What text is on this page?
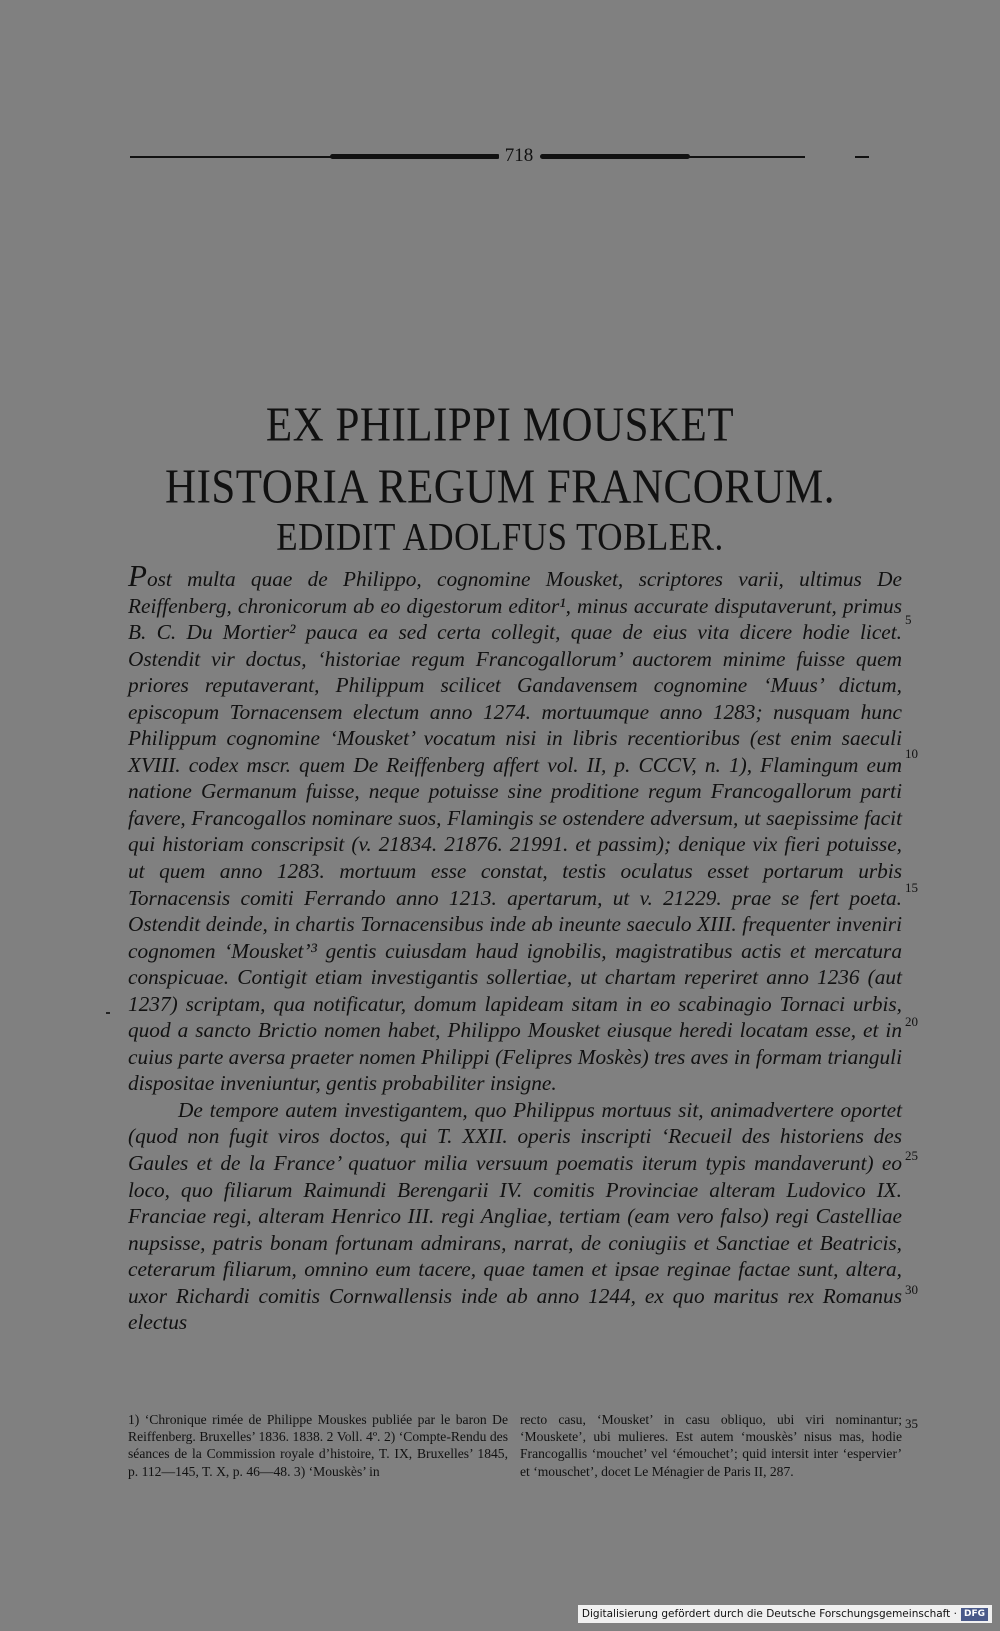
718
EX PHILIPPI MOUSKET
HISTORIA REGUM FRANCORUM.
EDIDIT ADOLFUS TOBLER.

Post multa quae de Philippo, cognomine Mousket, scriptores varii, ultimus De Reiffenberg, chronicorum ab eo digestorum editor¹, minus accurate disputaverunt, primus B. C. Du Mortier² pauca ea sed certa collegit, quae de eius vita dicere hodie licet. Ostendit vir doctus, ‘historiae regum Francogallorum’ auctorem minime fuisse quem priores reputaverant, Philippum scilicet Gandavensem cognomine ‘Muus’ dictum, episcopum Tornacensem electum anno 1274. mortuumque anno 1283; nusquam hunc Philippum cognomine ‘Mousket’ vocatum nisi in libris recentioribus (est enim saeculi XVIII. codex mscr. quem De Reiffenberg affert vol. II, p. CCCV, n. 1), Flamingum eum natione Germanum fuisse, neque potuisse sine proditione regum Francogallorum parti favere, Francogallos nominare suos, Flamingis se ostendere adversum, ut saepissime facit qui historiam conscripsit (v. 21834. 21876. 21991. et passim); denique vix fieri potuisse, ut quem anno 1283. mortuum esse constat, testis oculatus esset portarum urbis Tornacensis comiti Ferrando anno 1213. apertarum, ut v. 21229. prae se fert poeta. Ostendit deinde, in chartis Tornacensibus inde ab ineunte saeculo XIII. frequenter inveniri cognomen ‘Mousket’³ gentis cuiusdam haud ignobilis, magistratibus actis et mercatura conspicuae. Contigit etiam investigantis sollertiae, ut chartam reperiret anno 1236 (aut 1237) scriptam, qua notificatur, domum lapideam sitam in eo scabinagio Tornaci urbis, quod a sancto Brictio nomen habet, Philippo Mousket eiusque heredi locatam esse, et in cuius parte aversa praeter nomen Philippi (Felipres Moskès) tres aves in formam trianguli dispositae inveniuntur, gentis probabiliter insigne.

De tempore autem investigantem, quo Philippus mortuus sit, animadvertere oportet (quod non fugit viros doctos, qui T. XXII. operis inscripti ‘Recueil des historiens des Gaules et de la France’ quatuor milia versuum poematis iterum typis mandaverunt) eo loco, quo filiarum Raimundi Berengarii IV. comitis Provinciae alteram Ludovico IX. Franciae regi, alteram Henrico III. regi Angliae, tertiam (eam vero falso) regi Castelliae nupsisse, patris bonam fortunam admirans, narrat, de coniugiis et Sanctiae et Beatricis, ceterarum filiarum, omnino eum tacere, quae tamen et ipsae reginae factae sunt, altera, uxor Richardi comitis Cornwallensis inde ab anno 1244, ex quo maritus rex Romanus electus

5
10
15
20
25
30
35
1) ‘Chronique rimée de Philippe Mouskes publiée par le baron De Reiffenberg. Bruxelles’ 1836. 1838. 2 Voll. 4º. 2) ‘Compte-Rendu des séances de la Commission royale d’histoire, T. IX, Bruxelles’ 1845, p. 112—145, T. X, p. 46—48. 3) ‘Mouskès’ in
recto casu, ‘Mousket’ in casu obliquo, ubi viri nominantur; ‘Mouskete’, ubi mulieres. Est autem ‘mouskès’ nisus mas, hodie Francogallis ‘mouchet’ vel ‘émouchet’; quid intersit inter ‘espervier’ et ‘mouschet’, docet Le Ménagier de Paris II, 287.
Digitalisierung gefördert durch die Deutsche Forschungsgemeinschaft · DFG
